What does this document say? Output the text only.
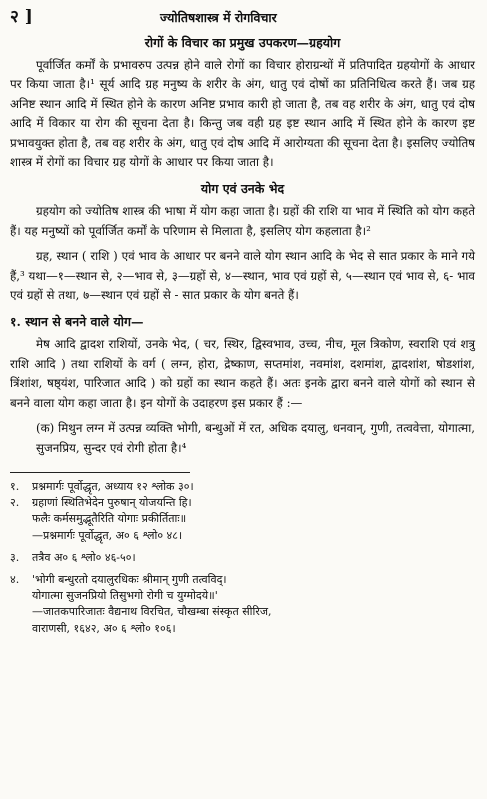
२ ]	ज्योतिषशास्त्र में रोगविचार
रोगों के विचार का प्रमुख उपकरण—ग्रहयोग

पूर्वार्जित कर्मों के प्रभावरुप उत्पन्न होने वाले रोगों का विचार होराग्रन्थों में प्रतिपादित ग्रहयोगों के आधार पर किया जाता है।¹ सूर्य आदि ग्रह मनुष्य के शरीर के अंग, धातु एवं दोषों का प्रतिनिधित्व करते हैं। जब ग्रह अनिष्ट स्थान आदि में स्थित होने के कारण अनिष्ट प्रभाव कारी हो जाता है, तब वह शरीर के अंग, धातु एवं दोष आदि में विकार या रोग की सूचना देता है। किन्तु जब वही ग्रह इष्ट स्थान आदि में स्थित होने के कारण इष्ट प्रभावयुक्त होता है, तब वह शरीर के अंग, धातु एवं दोष आदि में आरोग्यता की सूचना देता है। इसलिए ज्योतिष शास्त्र में रोगों का विचार ग्रह योगों के आधार पर किया जाता है।

योग एवं उनके भेद

ग्रहयोग को ज्योतिष शास्त्र की भाषा में योग कहा जाता है। ग्रहों की राशि या भाव में स्थिति को योग कहते हैं। यह मनुष्यों को पूर्वार्जित कर्मों के परिणाम से मिलाता है, इसलिए योग कहलाता है।²

ग्रह, स्थान ( राशि ) एवं भाव के आधार पर बनने वाले योग स्थान आदि के भेद से सात प्रकार के माने गये हैं,³ यथा—१—स्थान से, २—भाव से, ३—ग्रहों से, ४—स्थान, भाव एवं ग्रहों से, ५—स्थान एवं भाव से, ६- भाव एवं ग्रहों से तथा, ७—स्थान एवं ग्रहों से - सात प्रकार के योग बनते हैं।

१. स्थान से बनने वाले योग—

मेष आदि द्वादश राशियों, उनके भेद, ( चर, स्थिर, द्विस्वभाव, उच्च, नीच, मूल त्रिकोण, स्वराशि एवं शत्रु राशि आदि ) तथा राशियों के वर्ग ( लग्न, होरा, द्रेष्काण, सप्तमांश, नवमांश, दशमांश, द्वादशांश, षोडशांश, त्रिंशांश, षष्ठ्यंश, पारिजात आदि ) को ग्रहों का स्थान कहते हैं। अतः इनके द्वारा बनने वाले योगों को स्थान से बनने वाला योग कहा जाता है। इन योगों के उदाहरण इस प्रकार हैं :—

(क) मिथुन लग्न में उत्पन्न व्यक्ति भोगी, बन्धुओं में रत, अधिक दयालु, धनवान्, गुणी, तत्ववेत्ता, योगात्मा, सुजनप्रिय, सुन्दर एवं रोगी होता है।⁴
१.	प्रश्नमार्गः पूर्वोद्धृत, अध्याय १२ श्लोक ३०।
२.	ग्रहाणां स्थितिभेदेन पुरुषान् योजयन्ति हि।
फलैः कर्मसमुद्भूतैरिति योगाः प्रकीर्तिताः॥
—प्रश्नमार्गः पूर्वोद्धृत, अ० ६ श्लो० ४८।
३.	तत्रैव अ० ६ श्लो० ४६-५०।
४.	'भोगी बन्धुरतो दयालुरधिकः श्रीमान् गुणी तत्वविद्।
योगात्मा सुजनप्रियो तिसुभगो रोगी च युग्मोदये॥'
—जातकपारिजातः वैद्यनाथ विरचित, चौखम्बा संस्कृत सीरिज,
वाराणसी, १६४२, अ० ६ श्लो० १०६।
